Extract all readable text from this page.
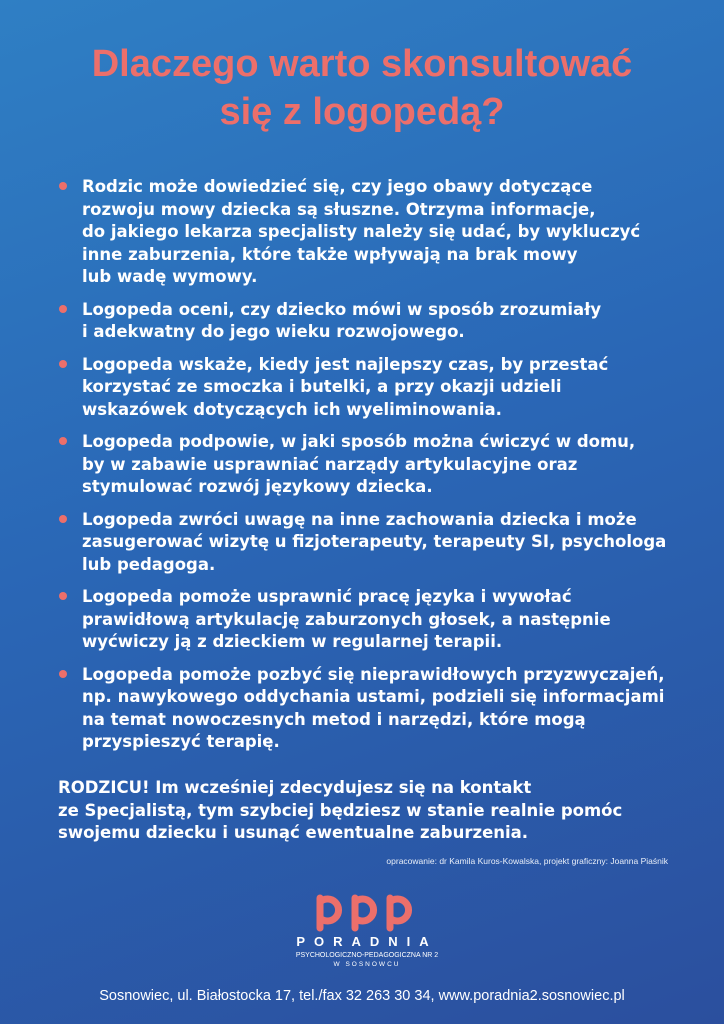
Dlaczego warto skonsultować
się z logopedą?
Rodzic może dowiedzieć się, czy jego obawy dotyczące
rozwoju mowy dziecka są słuszne. Otrzyma informacje,
do jakiego lekarza specjalisty należy się udać, by wykluczyć
inne zaburzenia, które także wpływają na brak mowy
lub wadę wymowy.
Logopeda oceni, czy dziecko mówi w sposób zrozumiały
i adekwatny do jego wieku rozwojowego.
Logopeda wskaże, kiedy jest najlepszy czas, by przestać
korzystać ze smoczka i butelki, a przy okazji udzieli
wskazówek dotyczących ich wyeliminowania.
Logopeda podpowie, w jaki sposób można ćwiczyć w domu,
by w zabawie usprawniać narządy artykulacyjne oraz
stymulować rozwój językowy dziecka.
Logopeda zwróci uwagę na inne zachowania dziecka i może
zasugerować wizytę u fizjoterapeuty, terapeuty SI, psychologa
lub pedagoga.
Logopeda pomoże usprawnić pracę języka i wywołać
prawidłową artykulację zaburzonych głosek, a następnie
wyćwiczy ją z dzieckiem w regularnej terapii.
Logopeda pomoże pozbyć się nieprawidłowych przyzwyczajeń,
np. nawykowego oddychania ustami, podzieli się informacjami
na temat nowoczesnych metod i narzędzi, które mogą
przyspieszyć terapię.
RODZICU! Im wcześniej zdecydujesz się na kontakt
ze Specjalistą, tym szybciej będziesz w stanie realnie pomóc
swojemu dziecku i usunąć ewentualne zaburzenia.
opracowanie: dr Kamila Kuros-Kowalska, projekt graficzny: Joanna Piaśnik
PORADNIA
PSYCHOLOGICZNO-PEDAGOGICZNA NR 2
W SOSNOWCU
Sosnowiec, ul. Białostocka 17, tel./fax 32 263 30 34, www.poradnia2.sosnowiec.pl
